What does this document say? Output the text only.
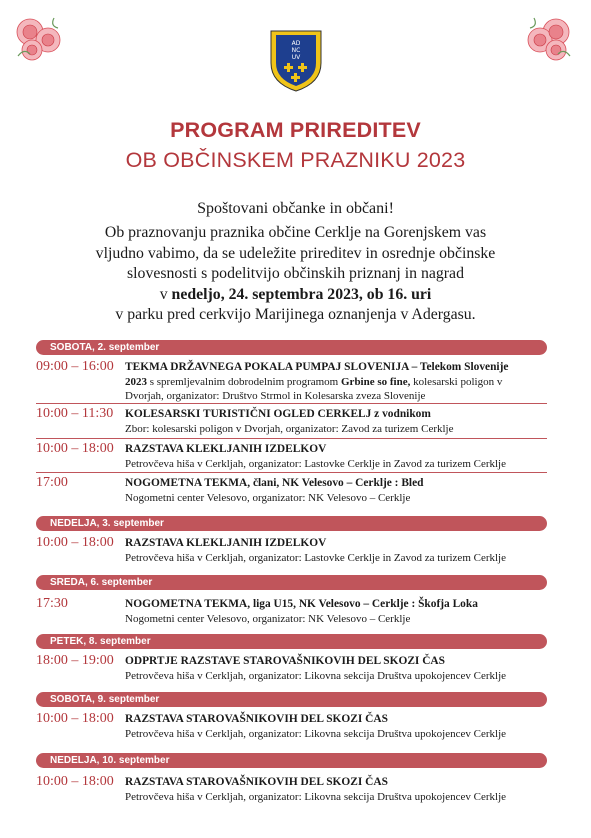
AD
NC
UV
PROGRAM PRIREDITEV
OB OBČINSKEM PRAZNIKU 2023
Spoštovani občanke in občani!
Ob praznovanju praznika občine Cerklje na Gorenjskem vas
vljudno vabimo, da se udeležite prireditev in osrednje občinske
slovesnosti s podelitvijo občinskih priznanj in nagrad
v nedeljo, 24. septembra 2023, ob 16. uri
v parku pred cerkvijo Marijinega oznanjenja v Adergasu.
SOBOTA, 2. september
09:00 – 16:00 TEKMA DRŽAVNEGA POKALA PUMPAJ SLOVENIJA – Telekom Slovenije
2023 s spremljevalnim dobrodelnim programom Grbine so fine, kolesarski poligon v
Dvorjah, organizator: Društvo Strmol in Kolesarska zveza Slovenije
10:00 – 11:30 KOLESARSKI TURISTIČNI OGLED CERKELJ z vodnikom
Zbor: kolesarski poligon v Dvorjah, organizator: Zavod za turizem Cerklje
10:00 – 18:00 RAZSTAVA KLEKLJANIH IZDELKOV
Petrovčeva hiša v Cerkljah, organizator: Lastovke Cerklje in Zavod za turizem Cerklje
17:00	NOGOMETNA TEKMA, člani, NK Velesovo – Cerklje : Bled
Nogometni center Velesovo, organizator: NK Velesovo – Cerklje
NEDELJA, 3. september
10:00 – 18:00 RAZSTAVA KLEKLJANIH IZDELKOV
Petrovčeva hiša v Cerkljah, organizator: Lastovke Cerklje in Zavod za turizem Cerklje
SREDA, 6. september
17:30	NOGOMETNA TEKMA, liga U15, NK Velesovo – Cerklje : Škofja Loka
Nogometni center Velesovo, organizator: NK Velesovo – Cerklje
PETEK, 8. september
18:00 – 19:00 ODPRTJE RAZSTAVE STAROVAŠNIKOVIH DEL SKOZI ČAS
Petrovčeva hiša v Cerkljah, organizator: Likovna sekcija Društva upokojencev Cerklje
SOBOTA, 9. september
10:00 – 18:00 RAZSTAVA STAROVAŠNIKOVIH DEL SKOZI ČAS
Petrovčeva hiša v Cerkljah, organizator: Likovna sekcija Društva upokojencev Cerklje
NEDELJA, 10. september
10:00 – 18:00 RAZSTAVA STAROVAŠNIKOVIH DEL SKOZI ČAS
Petrovčeva hiša v Cerkljah, organizator: Likovna sekcija Društva upokojencev Cerklje
